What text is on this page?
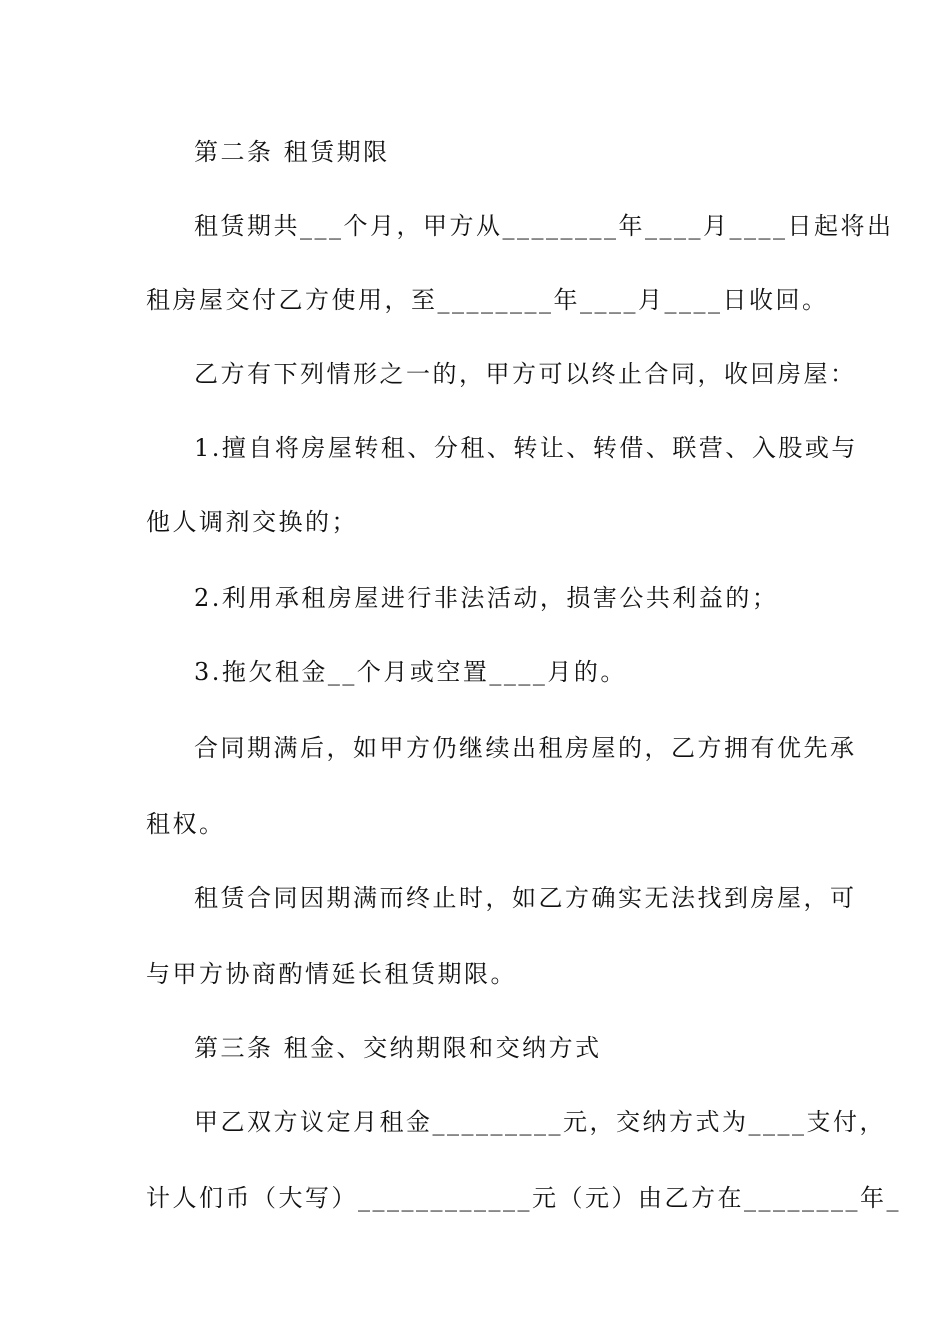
第二条 租赁期限
租赁期共___个月，甲方从________年____月____日起将出
租房屋交付乙方使用，至________年____月____日收回。
乙方有下列情形之一的，甲方可以终止合同，收回房屋：
1.擅自将房屋转租、分租、转让、转借、联营、入股或与
他人调剂交换的；
2.利用承租房屋进行非法活动，损害公共利益的；
3.拖欠租金__个月或空置____月的。
合同期满后，如甲方仍继续出租房屋的，乙方拥有优先承
租权。
租赁合同因期满而终止时，如乙方确实无法找到房屋，可
与甲方协商酌情延长租赁期限。
第三条 租金、交纳期限和交纳方式
甲乙双方议定月租金_________元，交纳方式为____支付，
计人们币（大写）____________元（元）由乙方在________年_
